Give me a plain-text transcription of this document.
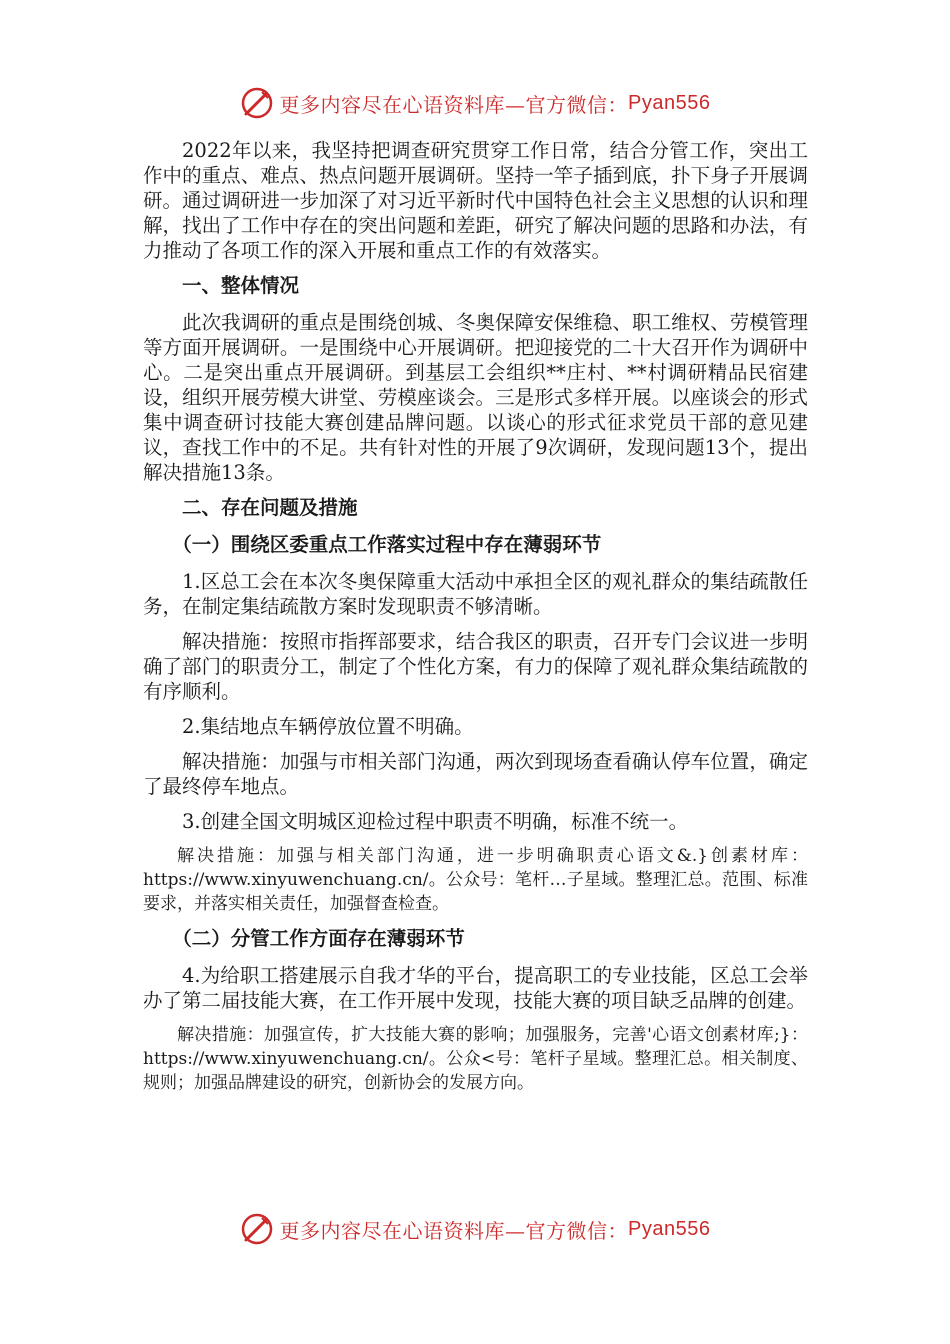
更多内容尽在心语资料库—官方微信： Pyan556

2022年以来，我坚持把调查研究贯穿工作日常，结合分管工作，突出工作中的重点、难点、热点问题开展调研。坚持一竿子插到底，扑下身子开展调研。通过调研进一步加深了对习近平新时代中国特色社会主义思想的认识和理解，找出了工作中存在的突出问题和差距，研究了解决问题的思路和办法，有力推动了各项工作的深入开展和重点工作的有效落实。

一、整体情况

此次我调研的重点是围绕创城、冬奥保障安保维稳、职工维权、劳模管理等方面开展调研。一是围绕中心开展调研。把迎接党的二十大召开作为调研中心。二是突出重点开展调研。到基层工会组织**庄村、**村调研精品民宿建设，组织开展劳模大讲堂、劳模座谈会。三是形式多样开展。以座谈会的形式集中调查研讨技能大赛创建品牌问题。以谈心的形式征求党员干部的意见建议，查找工作中的不足。共有针对性的开展了9次调研，发现问题13个，提出解决措施13条。

二、存在问题及措施

（一）围绕区委重点工作落实过程中存在薄弱环节

1.区总工会在本次冬奥保障重大活动中承担全区的观礼群众的集结疏散任务，在制定集结疏散方案时发现职责不够清晰。

解决措施：按照市指挥部要求，结合我区的职责，召开专门会议进一步明确了部门的职责分工，制定了个性化方案，有力的保障了观礼群众集结疏散的有序顺利。

2.集结地点车辆停放位置不明确。

解决措施：加强与市相关部门沟通，两次到现场查看确认停车位置，确定了最终停车地点。

3.创建全国文明城区迎检过程中职责不明确，标准不统一。

解决措施：加强与相关部门沟通，进一步明确职责心语文&.}创素材库：https://www.xinyuwenchuang.cn/。公众号：笔杆…子星域。整理汇总。范围、标准要求，并落实相关责任，加强督查检查。

（二）分管工作方面存在薄弱环节

4.为给职工搭建展示自我才华的平台，提高职工的专业技能，区总工会举办了第二届技能大赛，在工作开展中发现，技能大赛的项目缺乏品牌的创建。

解决措施：加强宣传，扩大技能大赛的影响；加强服务，完善'心语文创素材库;}：https://www.xinyuwenchuang.cn/。公众<号：笔杆子星域。整理汇总。相关制度、规则；加强品牌建设的研究，创新协会的发展方向。

更多内容尽在心语资料库—官方微信： Pyan556
